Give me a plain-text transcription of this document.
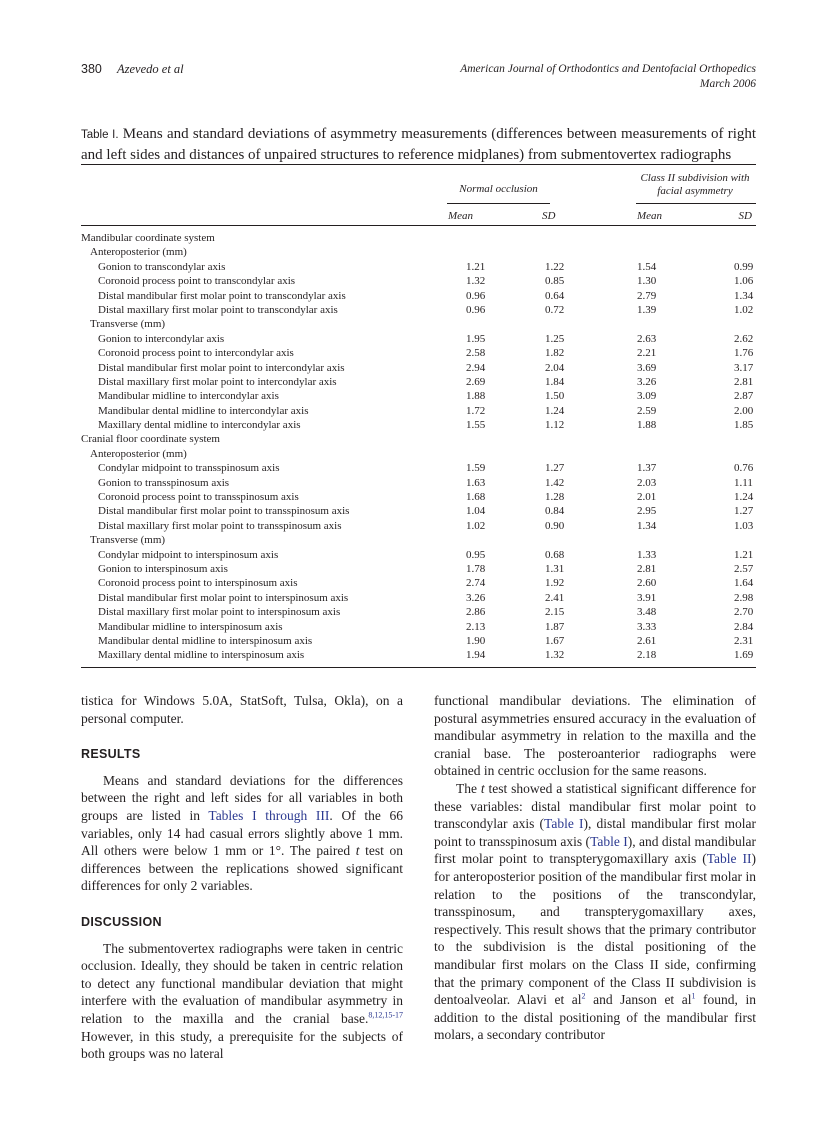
380 Azevedo et al	American Journal of Orthodontics and Dentofacial Orthopedics
March 2006
Table I. Means and standard deviations of asymmetry measurements (differences between measurements of right and left sides and distances of unpaired structures to reference midplanes) from submentovertex radiographs
Normal occlusion
Class II subdivision with facial asymmetry
Mean	SD	Mean	SD
Mandibular coordinate system
Anteroposterior (mm)
Gonion to transcondylar axis	1.21	1.22	1.54	0.99
Coronoid process point to transcondylar axis	1.32	0.85	1.30	1.06
Distal mandibular first molar point to transcondylar axis	0.96	0.64	2.79	1.34
Distal maxillary first molar point to transcondylar axis	0.96	0.72	1.39	1.02
Transverse (mm)
Gonion to intercondylar axis	1.95	1.25	2.63	2.62
Coronoid process point to intercondylar axis	2.58	1.82	2.21	1.76
Distal mandibular first molar point to intercondylar axis	2.94	2.04	3.69	3.17
Distal maxillary first molar point to intercondylar axis	2.69	1.84	3.26	2.81
Mandibular midline to intercondylar axis	1.88	1.50	3.09	2.87
Mandibular dental midline to intercondylar axis	1.72	1.24	2.59	2.00
Maxillary dental midline to intercondylar axis	1.55	1.12	1.88	1.85
Cranial floor coordinate system
Anteroposterior (mm)
Condylar midpoint to transspinosum axis	1.59	1.27	1.37	0.76
Gonion to transspinosum axis	1.63	1.42	2.03	1.11
Coronoid process point to transspinosum axis	1.68	1.28	2.01	1.24
Distal mandibular first molar point to transspinosum axis	1.04	0.84	2.95	1.27
Distal maxillary first molar point to transspinosum axis	1.02	0.90	1.34	1.03
Transverse (mm)
Condylar midpoint to interspinosum axis	0.95	0.68	1.33	1.21
Gonion to interspinosum axis	1.78	1.31	2.81	2.57
Coronoid process point to interspinosum axis	2.74	1.92	2.60	1.64
Distal mandibular first molar point to interspinosum axis	3.26	2.41	3.91	2.98
Distal maxillary first molar point to interspinosum axis	2.86	2.15	3.48	2.70
Mandibular midline to interspinosum axis	2.13	1.87	3.33	2.84
Mandibular dental midline to interspinosum axis	1.90	1.67	2.61	2.31
Maxillary dental midline to interspinosum axis	1.94	1.32	2.18	1.69

tistica for Windows 5.0A, StatSoft, Tulsa, Okla), on a personal computer.

RESULTS

Means and standard deviations for the differences between the right and left sides for all variables in both groups are listed in Tables I through III. Of the 66 variables, only 14 had casual errors slightly above 1 mm. All others were below 1 mm or 1°. The paired t test on differences between the replications showed significant differences for only 2 variables.

DISCUSSION

The submentovertex radiographs were taken in centric occlusion. Ideally, they should be taken in centric relation to detect any functional mandibular deviation that might interfere with the evaluation of mandibular asymmetry in relation to the maxilla and the cranial base.$^{8,12,15-17}$ However, in this study, a prerequisite for the subjects of both groups was no lateral

functional mandibular deviations. The elimination of postural asymmetries ensured accuracy in the evaluation of mandibular asymmetry in relation to the maxilla and the cranial base. The posteroanterior radiographs were obtained in centric occlusion for the same reasons.

The t test showed a statistical significant difference for these variables: distal mandibular first molar point to transcondylar axis (Table I), distal mandibular first molar point to transspinosum axis (Table I), and distal mandibular first molar point to transpterygomaxillary axis (Table II) for anteroposterior position of the mandibular first molar in relation to the positions of the transcondylar, transspinosum, and transpterygomaxillary axes, respectively. This result shows that the primary contributor to the subdivision is the distal positioning of the mandibular first molars on the Class II side, confirming that the primary component of the Class II subdivision is dentoalveolar. Alavi et $al^2$ and Janson et $al^1$ found, in addition to the distal positioning of the mandibular first molars, a secondary contributor
